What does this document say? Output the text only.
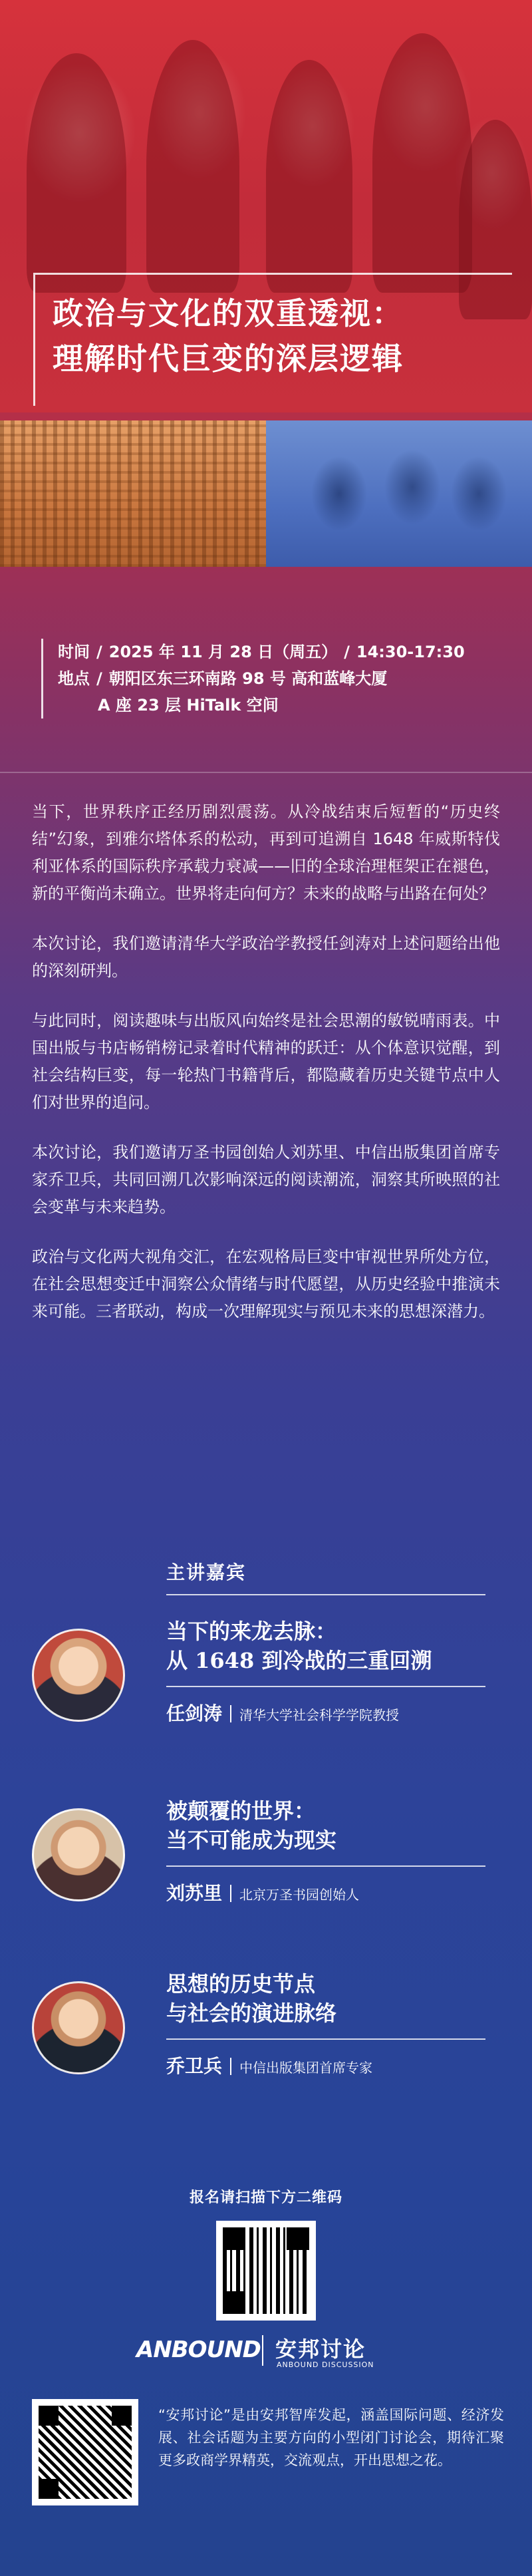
政治与文化的双重透视：
理解时代巨变的深层逻辑
时间 / 2025 年 11 月 28 日（周五） / 14:30-17:30
地点 / 朝阳区东三环南路 98 号 高和蓝峰大厦
A 座 23 层 HiTalk 空间

当下，世界秩序正经历剧烈震荡。从冷战结束后短暂的“历史终结”幻象，到雅尔塔体系的松动，再到可追溯自 1648 年威斯特伐利亚体系的国际秩序承载力衰减——旧的全球治理框架正在褪色，新的平衡尚未确立。世界将走向何方？未来的战略与出路在何处？

本次讨论，我们邀请清华大学政治学教授任剑涛对上述问题给出他的深刻研判。

与此同时，阅读趣味与出版风向始终是社会思潮的敏锐晴雨表。中国出版与书店畅销榜记录着时代精神的跃迁：从个体意识觉醒，到社会结构巨变，每一轮热门书籍背后，都隐藏着历史关键节点中人们对世界的追问。

本次讨论，我们邀请万圣书园创始人刘苏里、中信出版集团首席专家乔卫兵，共同回溯几次影响深远的阅读潮流，洞察其所映照的社会变革与未来趋势。

政治与文化两大视角交汇，在宏观格局巨变中审视世界所处方位，在社会思想变迁中洞察公众情绪与时代愿望，从历史经验中推演未来可能。三者联动，构成一次理解现实与预见未来的思想深潜力。

主讲嘉宾
当下的来龙去脉：
从 1648 到冷战的三重回溯
任剑涛 清华大学社会科学学院教授
被颠覆的世界：
当不可能成为现实
刘苏里 北京万圣书园创始人
思想的历史节点
与社会的演进脉络
乔卫兵 中信出版集团首席专家
报名请扫描下方二维码
ANBOUND 安邦讨论
ANBOUND DISCUSSION

“安邦讨论”是由安邦智库发起，涵盖国际问题、经济发展、社会话题为主要方向的小型闭门讨论会，期待汇聚更多政商学界精英，交流观点，开出思想之花。
